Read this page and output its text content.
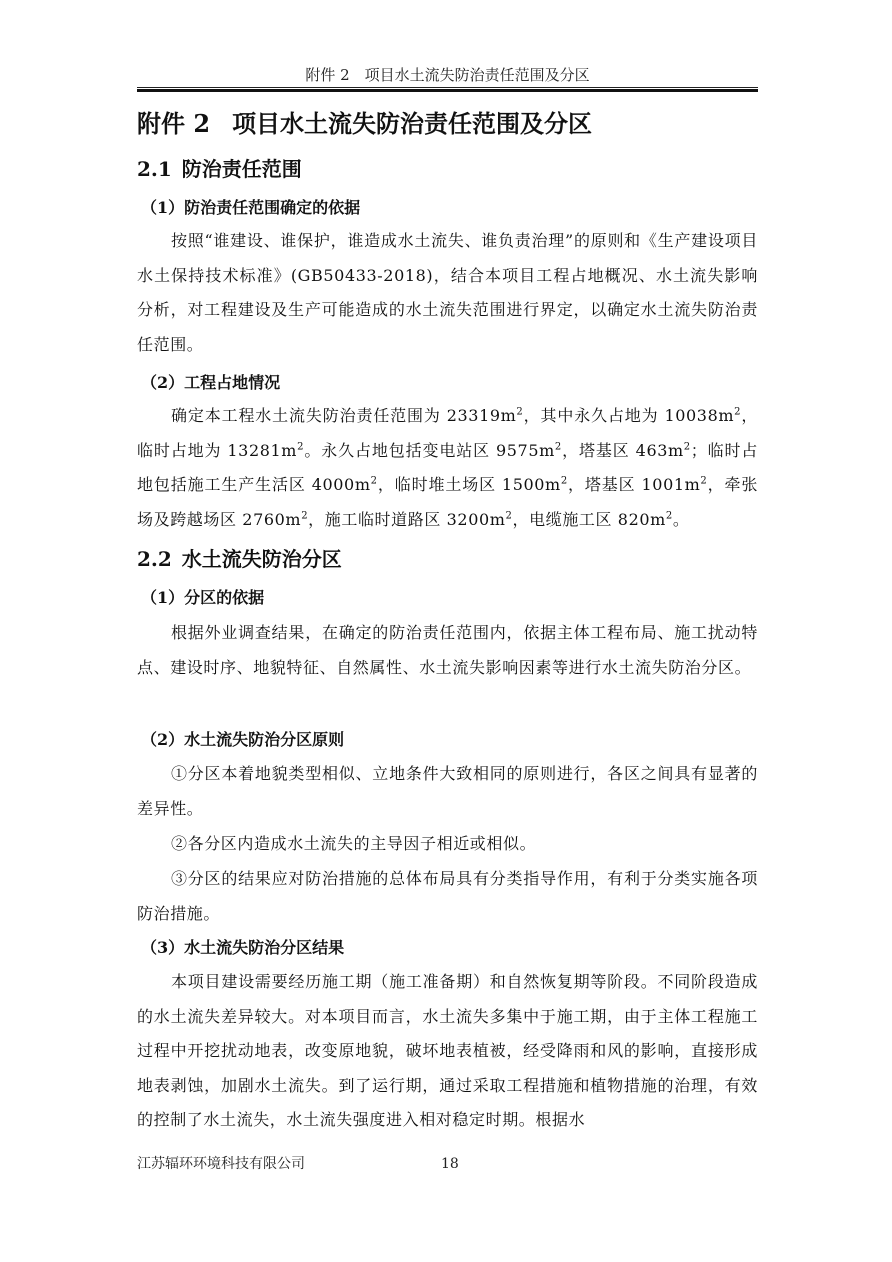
附件 2　项目水土流失防治责任范围及分区
附件 2 项目水土流失防治责任范围及分区
2.1 防治责任范围
（1）防治责任范围确定的依据

按照“谁建设、谁保护，谁造成水土流失、谁负责治理”的原则和《生产建设项目水土保持技术标准》(GB50433-2018)，结合本项目工程占地概况、水土流失影响分析，对工程建设及生产可能造成的水土流失范围进行界定，以确定水土流失防治责任范围。

（2）工程占地情况

确定本工程水土流失防治责任范围为 $23319m^2$，其中永久占地为 $10038m^2$，临时占地为 $13281m^2$。永久占地包括变电站区 $9575m^2$，塔基区 $463m^2$；临时占地包括施工生产生活区 $4000m^2$，临时堆土场区 $1500m^2$，塔基区 $1001m^2$，牵张场及跨越场区 $2760m^2$，施工临时道路区 $3200m^2$，电缆施工区 $820m^2$。

2.2 水土流失防治分区
（1）分区的依据

根据外业调查结果，在确定的防治责任范围内，依据主体工程布局、施工扰动特点、建设时序、地貌特征、自然属性、水土流失影响因素等进行水土流失防治分区。

（2）水土流失防治分区原则

①分区本着地貌类型相似、立地条件大致相同的原则进行，各区之间具有显著的差异性。

②各分区内造成水土流失的主导因子相近或相似。

③分区的结果应对防治措施的总体布局具有分类指导作用，有利于分类实施各项防治措施。

（3）水土流失防治分区结果

本项目建设需要经历施工期（施工准备期）和自然恢复期等阶段。不同阶段造成的水土流失差异较大。对本项目而言，水土流失多集中于施工期，由于主体工程施工过程中开挖扰动地表，改变原地貌，破坏地表植被，经受降雨和风的影响，直接形成地表剥蚀，加剧水土流失。到了运行期，通过采取工程措施和植物措施的治理，有效的控制了水土流失，水土流失强度进入相对稳定时期。根据水

江苏辐环环境科技有限公司	18
